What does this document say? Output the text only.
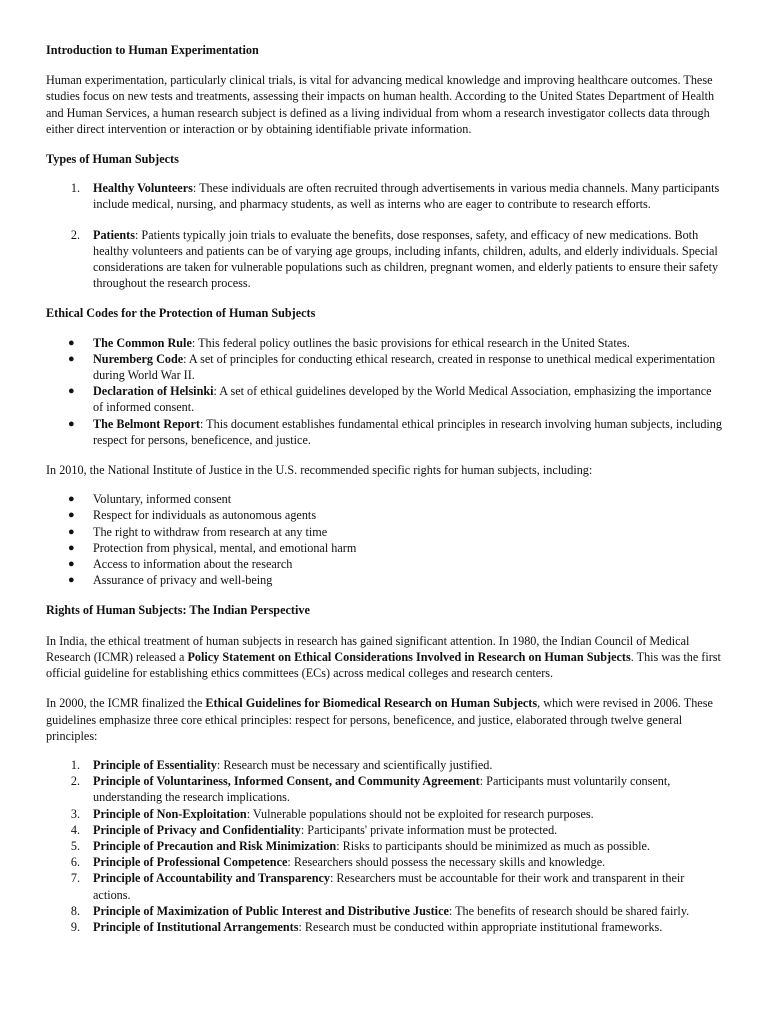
Introduction to Human Experimentation

Human experimentation, particularly clinical trials, is vital for advancing medical knowledge and improving healthcare outcomes. These studies focus on new tests and treatments, assessing their impacts on human health. According to the United States Department of Health and Human Services, a human research subject is defined as a living individual from whom a research investigator collects data through either direct intervention or interaction or by obtaining identifiable private information.

Types of Human Subjects

1. Healthy Volunteers: These individuals are often recruited through advertisements in various media channels. Many participants include medical, nursing, and pharmacy students, as well as interns who are eager to contribute to research efforts.
2. Patients: Patients typically join trials to evaluate the benefits, dose responses, safety, and efficacy of new medications. Both healthy volunteers and patients can be of varying age groups, including infants, children, adults, and elderly individuals. Special considerations are taken for vulnerable populations such as children, pregnant women, and elderly patients to ensure their safety throughout the research process.

Ethical Codes for the Protection of Human Subjects

●	The Common Rule: This federal policy outlines the basic provisions for ethical research in the United States.
●	Nuremberg Code: A set of principles for conducting ethical research, created in response to unethical medical experimentation during World War II.
●	Declaration of Helsinki: A set of ethical guidelines developed by the World Medical Association, emphasizing the importance of informed consent.
●	The Belmont Report: This document establishes fundamental ethical principles in research involving human subjects, including respect for persons, beneficence, and justice.

In 2010, the National Institute of Justice in the U.S. recommended specific rights for human subjects, including:

●	Voluntary, informed consent
●	Respect for individuals as autonomous agents
●	The right to withdraw from research at any time
●	Protection from physical, mental, and emotional harm
●	Access to information about the research
●	Assurance of privacy and well-being

Rights of Human Subjects: The Indian Perspective

In India, the ethical treatment of human subjects in research has gained significant attention. In 1980, the Indian Council of Medical Research (ICMR) released a Policy Statement on Ethical Considerations Involved in Research on Human Subjects. This was the first official guideline for establishing ethics committees (ECs) across medical colleges and research centers.

In 2000, the ICMR finalized the Ethical Guidelines for Biomedical Research on Human Subjects, which were revised in 2006. These guidelines emphasize three core ethical principles: respect for persons, beneficence, and justice, elaborated through twelve general principles:

1. Principle of Essentiality: Research must be necessary and scientifically justified.
2. Principle of Voluntariness, Informed Consent, and Community Agreement: Participants must voluntarily consent, understanding the research implications.
3. Principle of Non-Exploitation: Vulnerable populations should not be exploited for research purposes.
4. Principle of Privacy and Confidentiality: Participants' private information must be protected.
5. Principle of Precaution and Risk Minimization: Risks to participants should be minimized as much as possible.
6. Principle of Professional Competence: Researchers should possess the necessary skills and knowledge.
7. Principle of Accountability and Transparency: Researchers must be accountable for their work and transparent in their actions.
8. Principle of Maximization of Public Interest and Distributive Justice: The benefits of research should be shared fairly.
9. Principle of Institutional Arrangements: Research must be conducted within appropriate institutional frameworks.
